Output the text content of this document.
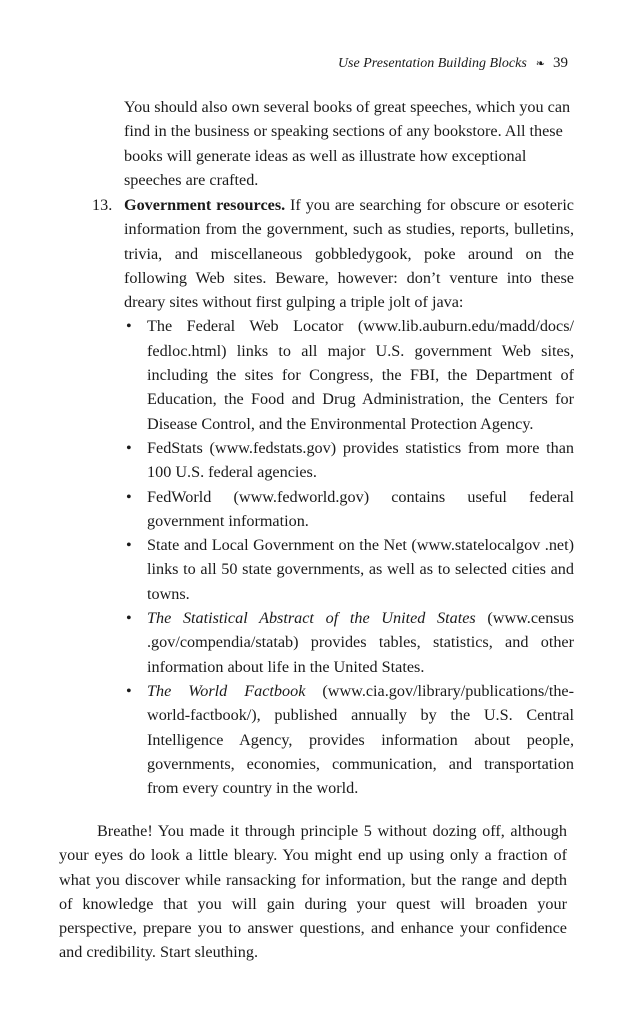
Use Presentation Building Blocks ❧ 39
You should also own several books of great speeches, which you can find in the business or speaking sections of any bookstore. All these books will generate ideas as well as illustrate how exceptional speeches are crafted.
13. Government resources. If you are searching for obscure or esoteric information from the government, such as studies, reports, bulletins, trivia, and miscellaneous gobbledygook, poke around on the following Web sites. Beware, however: don’t venture into these dreary sites without first gulping a triple jolt of java:
• The Federal Web Locator (www.lib.auburn.edu/madd/docs/ fedloc.html) links to all major U.S. government Web sites, including the sites for Congress, the FBI, the Department of Education, the Food and Drug Administration, the Centers for Disease Control, and the Environmental Protection Agency.
• FedStats (www.fedstats.gov) provides statistics from more than 100 U.S. federal agencies.
• FedWorld (www.fedworld.gov) contains useful federal government information.
• State and Local Government on the Net (www.statelocalgov .net) links to all 50 state governments, as well as to selected cities and towns.
• The Statistical Abstract of the United States (www.census .gov/compendia/statab) provides tables, statistics, and other information about life in the United States.
• The World Factbook (www.cia.gov/library/publications/the-world-factbook/), published annually by the U.S. Central Intelligence Agency, provides information about people, governments, economies, communication, and transportation from every country in the world.
Breathe! You made it through principle 5 without dozing off, although your eyes do look a little bleary. You might end up using only a fraction of what you discover while ransacking for information, but the range and depth of knowledge that you will gain during your quest will broaden your perspective, prepare you to answer questions, and enhance your confidence and credibility. Start sleuthing.
